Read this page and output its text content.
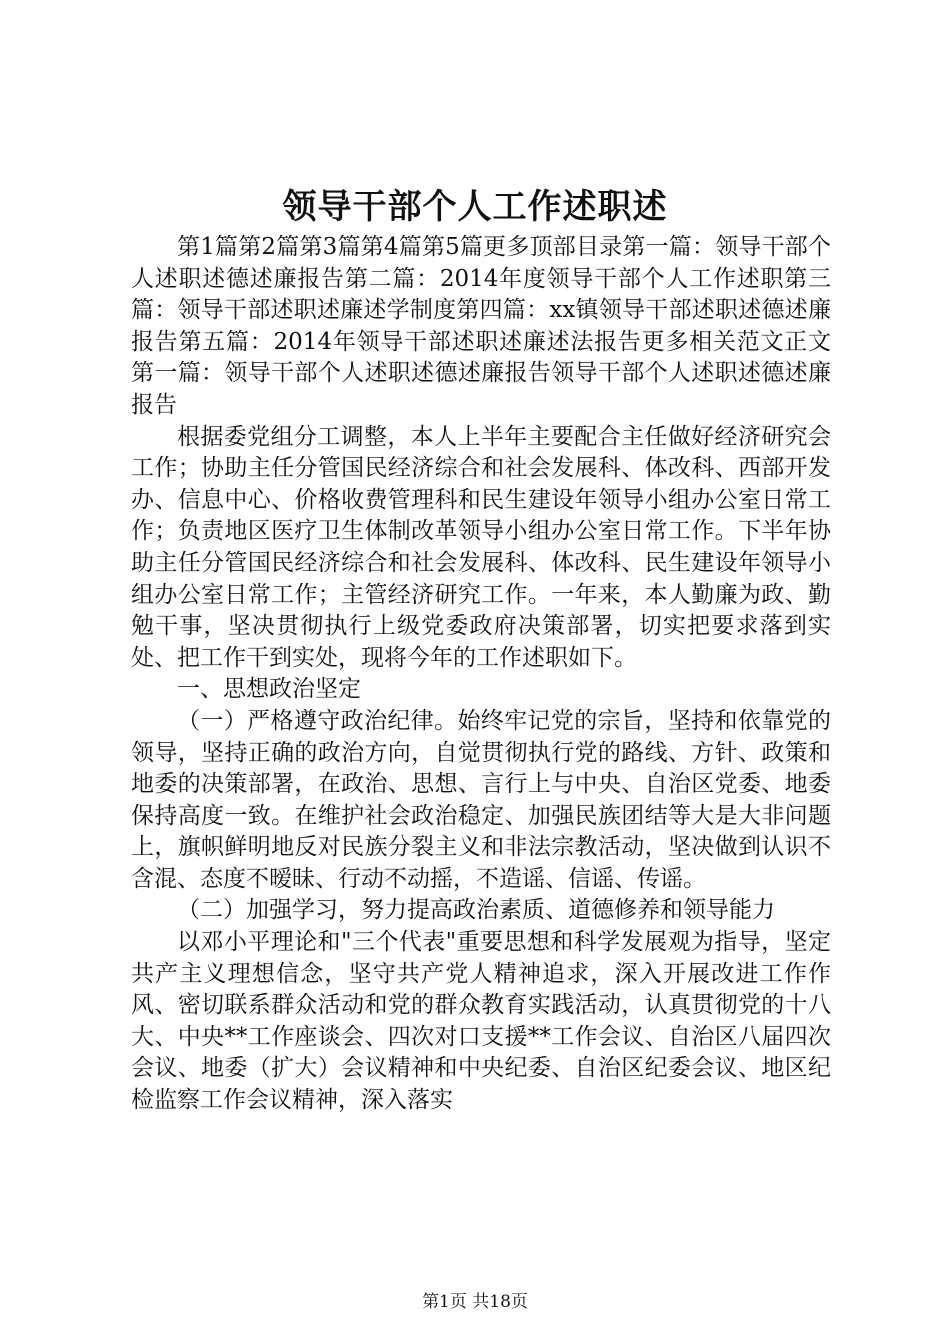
领导干部个人工作述职述

第1篇第2篇第3篇第4篇第5篇更多顶部目录第一篇：领导干部个人述职述德述廉报告第二篇：2014年度领导干部个人工作述职第三篇：领导干部述职述廉述学制度第四篇：xx镇领导干部述职述德述廉报告第五篇：2014年领导干部述职述廉述法报告更多相关范文正文第一篇：领导干部个人述职述德述廉报告领导干部个人述职述德述廉报告

根据委党组分工调整，本人上半年主要配合主任做好经济研究会工作；协助主任分管国民经济综合和社会发展科、体改科、西部开发办、信息中心、价格收费管理科和民生建设年领导小组办公室日常工作；负责地区医疗卫生体制改革领导小组办公室日常工作。下半年协助主任分管国民经济综合和社会发展科、体改科、民生建设年领导小组办公室日常工作；主管经济研究工作。一年来，本人勤廉为政、勤勉干事，坚决贯彻执行上级党委政府决策部署，切实把要求落到实处、把工作干到实处，现将今年的工作述职如下。

一、思想政治坚定

（一）严格遵守政治纪律。始终牢记党的宗旨，坚持和依靠党的领导，坚持正确的政治方向，自觉贯彻执行党的路线、方针、政策和地委的决策部署，在政治、思想、言行上与中央、自治区党委、地委保持高度一致。在维护社会政治稳定、加强民族团结等大是大非问题上，旗帜鲜明地反对民族分裂主义和非法宗教活动，坚决做到认识不含混、态度不暧昧、行动不动摇，不造谣、信谣、传谣。

（二）加强学习，努力提高政治素质、道德修养和领导能力

以邓小平理论和"三个代表"重要思想和科学发展观为指导，坚定共产主义理想信念，坚守共产党人精神追求，深入开展改进工作作风、密切联系群众活动和党的群众教育实践活动，认真贯彻党的十八大、中央**工作座谈会、四次对口支援**工作会议、自治区八届四次会议、地委（扩大）会议精神和中央纪委、自治区纪委会议、地区纪检监察工作会议精神，深入落实

第1页 共18页
